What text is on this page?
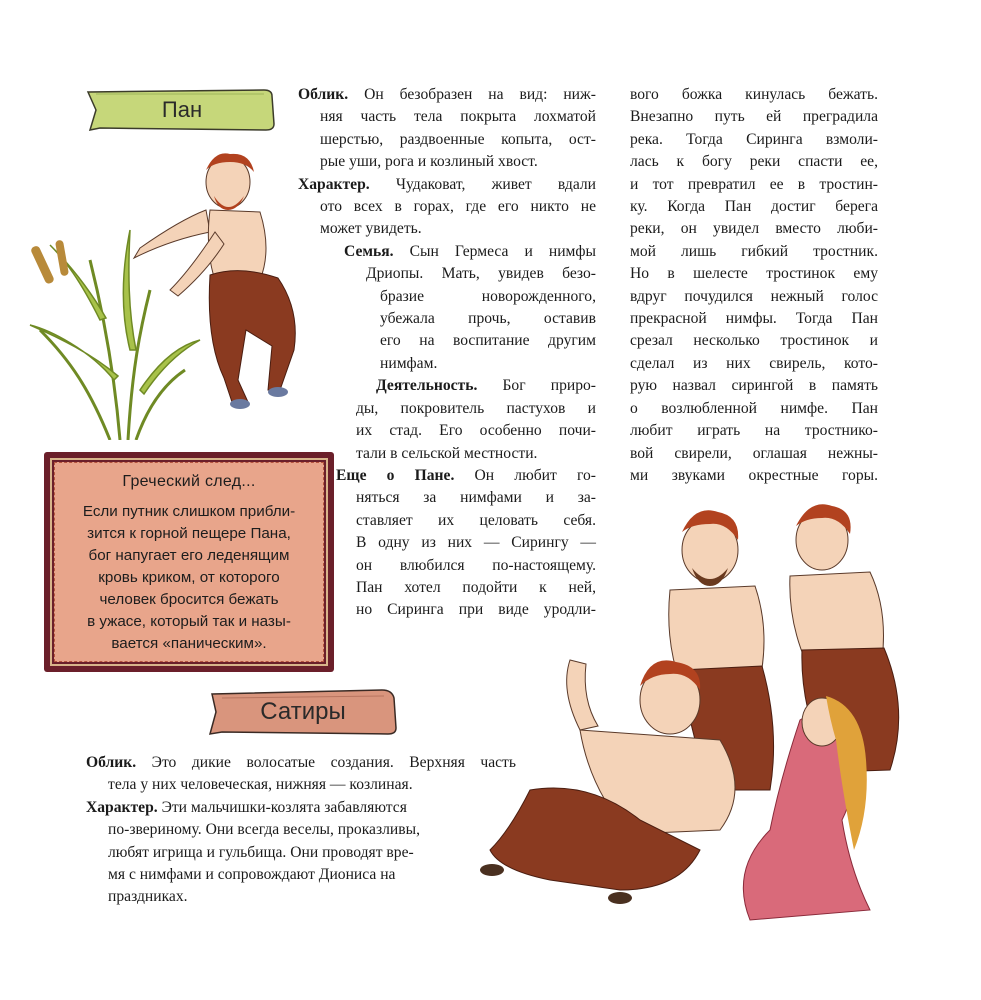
Пан

Облик. Он безобразен на вид: ниж-
няя часть тела покрыта лохматой
шерстью, раздвоенные копыта, ост-
рые уши, рога и козлиный хвост.
Характер. Чудаковат, живет вдали
ото всех в горах, где его никто не
может увидеть.

Семья. Сын Гермеса и нимфы

Дриопы. Мать, увидев безо-

бразие новорожденного,
убежала прочь, оставив
его на воспитание другим
нимфам.

Деятельность. Бог приро-

ды, покровитель пастухов и
их стад. Его особенно почи-
тали в сельской местности.

Еще о Пане. Он любит го-

няться за нимфами и за-
ставляет их целовать себя.
В одну из них — Сирингу —
он влюбился по-настоящему.
Пан хотел подойти к ней,
но Сиринга при виде уродли-

вого божка кинулась бежать.
Внезапно путь ей преградила
река. Тогда Сиринга взмоли-
лась к богу реки спасти ее,
и тот превратил ее в тростин-
ку. Когда Пан достиг берега
реки, он увидел вместо люби-
мой лишь гибкий тростник.
Но в шелесте тростинок ему
вдруг почудился нежный голос
прекрасной нимфы. Тогда Пан
срезал несколько тростинок и
сделал из них свирель, кото-
рую назвал сирингой в память
о возлюбленной нимфе. Пан
любит играть на тростнико-
вой свирели, оглашая нежны-
ми звуками окрестные горы.
Греческий след...
Если путник слишком прибли-
зится к горной пещере Пана,
бог напугает его леденящим
кровь криком, от которого
человек бросится бежать
в ужасе, который так и назы-
вается «паническим».
Сатиры
Облик. Это дикие волосатые создания. Верхняя часть
тела у них человеческая, нижняя — козлиная.
Характер. Эти мальчишки-козлята забавляются
по-звериному. Они всегда веселы, проказливы,
любят игрища и гульбища. Они проводят вре-
мя с нимфами и сопровождают Диониса на
праздниках.
